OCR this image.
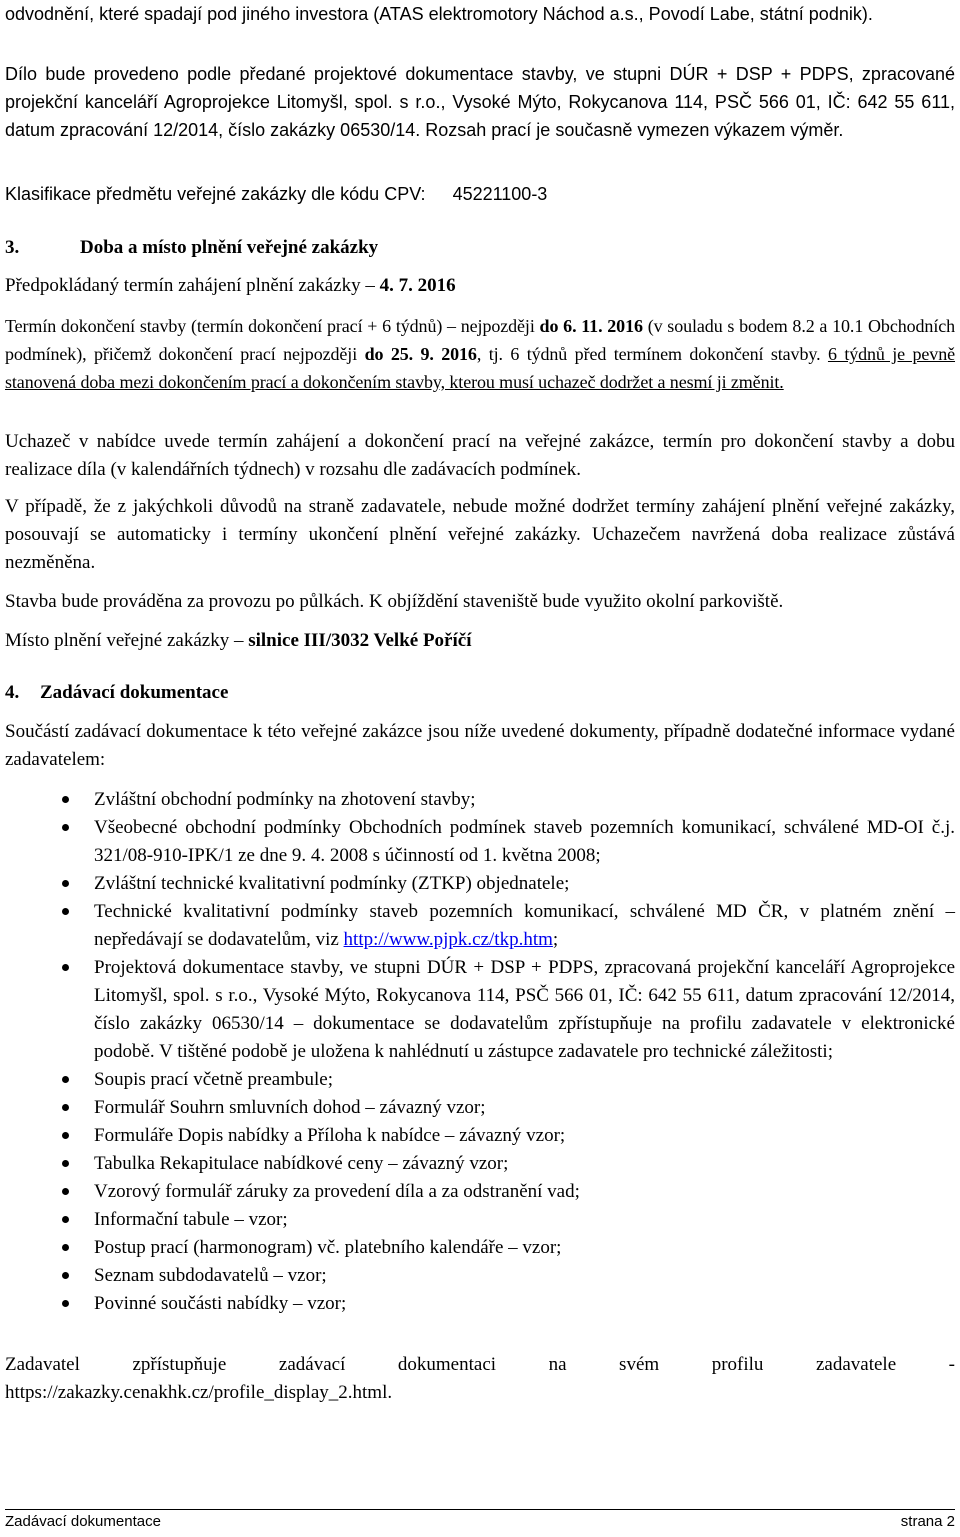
odvodnění, které spadají pod jiného investora (ATAS elektromotory Náchod a.s., Povodí Labe, státní podnik).

Dílo bude provedeno podle předané projektové dokumentace stavby, ve stupni DÚR + DSP + PDPS, zpracované projekční kanceláří Agroprojekce Litomyšl, spol. s r.o., Vysoké Mýto, Rokycanova 114, PSČ 566 01, IČ: 642 55 611, datum zpracování 12/2014, číslo zakázky 06530/14. Rozsah prací je současně vymezen výkazem výměr.

Klasifikace předmětu veřejné zakázky dle kódu CPV: 45221100-3
3.	Doba a místo plnění veřejné zakázky

Předpokládaný termín zahájení plnění zakázky – 4. 7. 2016

Termín dokončení stavby (termín dokončení prací + 6 týdnů) – nejpozději do 6. 11. 2016 (v souladu s bodem 8.2 a 10.1 Obchodních podmínek), přičemž dokončení prací nejpozději do 25. 9. 2016, tj. 6 týdnů před termínem dokončení stavby. 6 týdnů je pevně stanovená doba mezi dokončením prací a dokončením stavby, kterou musí uchazeč dodržet a nesmí ji změnit.

Uchazeč v nabídce uvede termín zahájení a dokončení prací na veřejné zakázce, termín pro dokončení stavby a dobu realizace díla (v kalendářních týdnech) v rozsahu dle zadávacích podmínek.

V případě, že z jakýchkoli důvodů na straně zadavatele, nebude možné dodržet termíny zahájení plnění veřejné zakázky, posouvají se automaticky i termíny ukončení plnění veřejné zakázky. Uchazečem navržená doba realizace zůstává nezměněna.

Stavba bude prováděna za provozu po půlkách. K objíždění staveniště bude využito okolní parkoviště.

Místo plnění veřejné zakázky – silnice III/3032 Velké Poříčí

4. Zadávací dokumentace

Součástí zadávací dokumentace k této veřejné zakázce jsou níže uvedené dokumenty, případně dodatečné informace vydané zadavatelem:

Zvláštní obchodní podmínky na zhotovení stavby;
Všeobecné obchodní podmínky Obchodních podmínek staveb pozemních komunikací, schválené MD-OI č.j. 321/08-910-IPK/1 ze dne 9. 4. 2008 s účinností od 1. května 2008;
Zvláštní technické kvalitativní podmínky (ZTKP) objednatele;
Technické kvalitativní podmínky staveb pozemních komunikací, schválené MD ČR, v platném znění – nepředávají se dodavatelům, viz http://www.pjpk.cz/tkp.htm;
Projektová dokumentace stavby, ve stupni DÚR + DSP + PDPS, zpracovaná projekční kanceláří Agroprojekce Litomyšl, spol. s r.o., Vysoké Mýto, Rokycanova 114, PSČ 566 01, IČ: 642 55 611, datum zpracování 12/2014, číslo zakázky 06530/14 – dokumentace se dodavatelům zpřístupňuje na profilu zadavatele v elektronické podobě. V tištěné podobě je uložena k nahlédnutí u zástupce zadavatele pro technické záležitosti;
Soupis prací včetně preambule;
Formulář Souhrn smluvních dohod – závazný vzor;
Formuláře Dopis nabídky a Příloha k nabídce – závazný vzor;
Tabulka Rekapitulace nabídkové ceny – závazný vzor;
Vzorový formulář záruky za provedení díla a za odstranění vad;
Informační tabule – vzor;
Postup prací (harmonogram) vč. platebního kalendáře – vzor;
Seznam subdodavatelů – vzor;
Povinné součásti nabídky – vzor;

Zadavatel zpřístupňuje zadávací dokumentaci na svém profilu zadavatele - https://zakazky.cenakhk.cz/profile_display_2.html.

Zadávací dokumentace	strana 2
